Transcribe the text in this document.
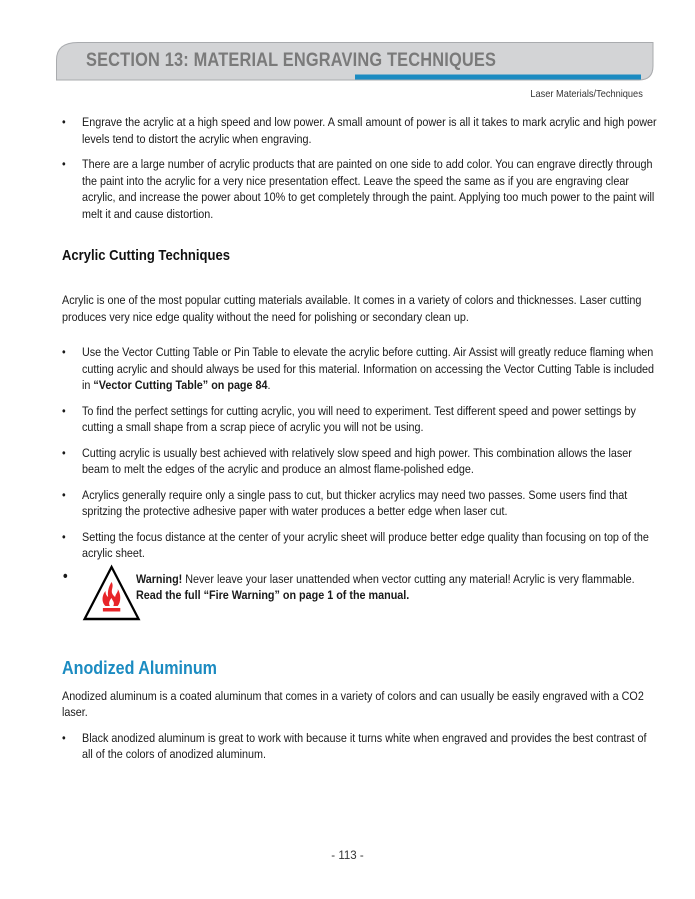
SECTION 13: MATERIAL ENGRAVING TECHNIQUES
Laser Materials/Techniques
• Engrave the acrylic at a high speed and low power. A small amount of power is all it takes to mark acrylic and high power levels tend to distort the acrylic when engraving.
• There are a large number of acrylic products that are painted on one side to add color. You can engrave directly through the paint into the acrylic for a very nice presentation effect. Leave the speed the same as if you are engraving clear acrylic, and increase the power about 10% to get completely through the paint. Applying too much power to the paint will melt it and cause distortion.
Acrylic Cutting Techniques

Acrylic is one of the most popular cutting materials available. It comes in a variety of colors and thicknesses. Laser cutting produces very nice edge quality without the need for polishing or secondary clean up.

• Use the Vector Cutting Table or Pin Table to elevate the acrylic before cutting. Air Assist will greatly reduce flaming when cutting acrylic and should always be used for this material. Information on accessing the Vector Cutting Table is included in “Vector Cutting Table” on page 84.
• To find the perfect settings for cutting acrylic, you will need to experiment. Test different speed and power settings by cutting a small shape from a scrap piece of acrylic you will not be using.
• Cutting acrylic is usually best achieved with relatively slow speed and high power. This combination allows the laser beam to melt the edges of the acrylic and produce an almost flame-polished edge.
• Acrylics generally require only a single pass to cut, but thicker acrylics may need two passes. Some users find that spritzing the protective adhesive paper with water produces a better edge when laser cut.
• Setting the focus distance at the center of your acrylic sheet will produce better edge quality than focusing on top of the acrylic sheet.
•	Warning! Never leave your laser unattended when vector cutting any material! Acrylic is very flammable. Read the full “Fire Warning” on page 1 of the manual.
Anodized Aluminum

Anodized aluminum is a coated aluminum that comes in a variety of colors and can usually be easily engraved with a CO2 laser.

• Black anodized aluminum is great to work with because it turns white when engraved and provides the best contrast of all of the colors of anodized aluminum.
- 113 -
